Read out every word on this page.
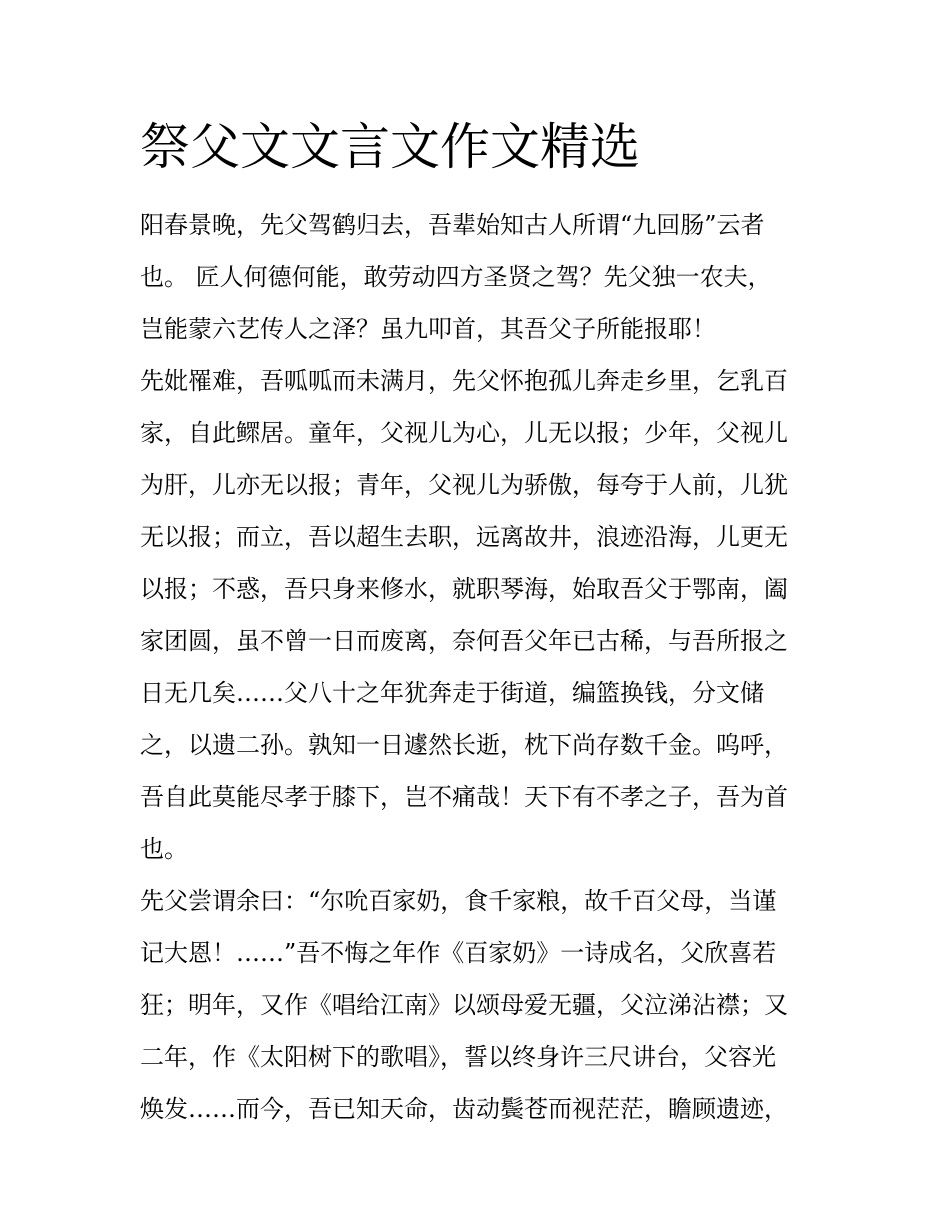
祭父文文言文作文精选
阳春景晚，先父驾鹤归去，吾辈始知古人所谓“九回肠”云者
也。 匠人何德何能，敢劳动四方圣贤之驾？先父独一农夫，
岂能蒙六艺传人之泽？虽九叩首，其吾父子所能报耶！
先妣罹难，吾呱呱而未满月，先父怀抱孤儿奔走乡里，乞乳百
家，自此鳏居。童年，父视儿为心，儿无以报；少年，父视儿
为肝，儿亦无以报；青年，父视儿为骄傲，每夸于人前，儿犹
无以报；而立，吾以超生去职，远离故井，浪迹沿海，儿更无
以报；不惑，吾只身来修水，就职琴海，始取吾父于鄂南，阖
家团圆，虽不曾一日而废离，奈何吾父年已古稀，与吾所报之
日无几矣……父八十之年犹奔走于街道，编篮换钱，分文储
之，以遗二孙。孰知一日遽然长逝，枕下尚存数千金。呜呼，
吾自此莫能尽孝于膝下，岂不痛哉！天下有不孝之子，吾为首
也。
先父尝谓余曰：“尔吮百家奶，食千家粮，故千百父母，当谨
记大恩！……”吾不悔之年作《百家奶》一诗成名，父欣喜若
狂；明年，又作《唱给江南》以颂母爱无疆，父泣涕沾襟；又
二年，作《太阳树下的歌唱》，誓以终身许三尺讲台，父容光
焕发……而今，吾已知天命，齿动鬓苍而视茫茫，瞻顾遗迹，
